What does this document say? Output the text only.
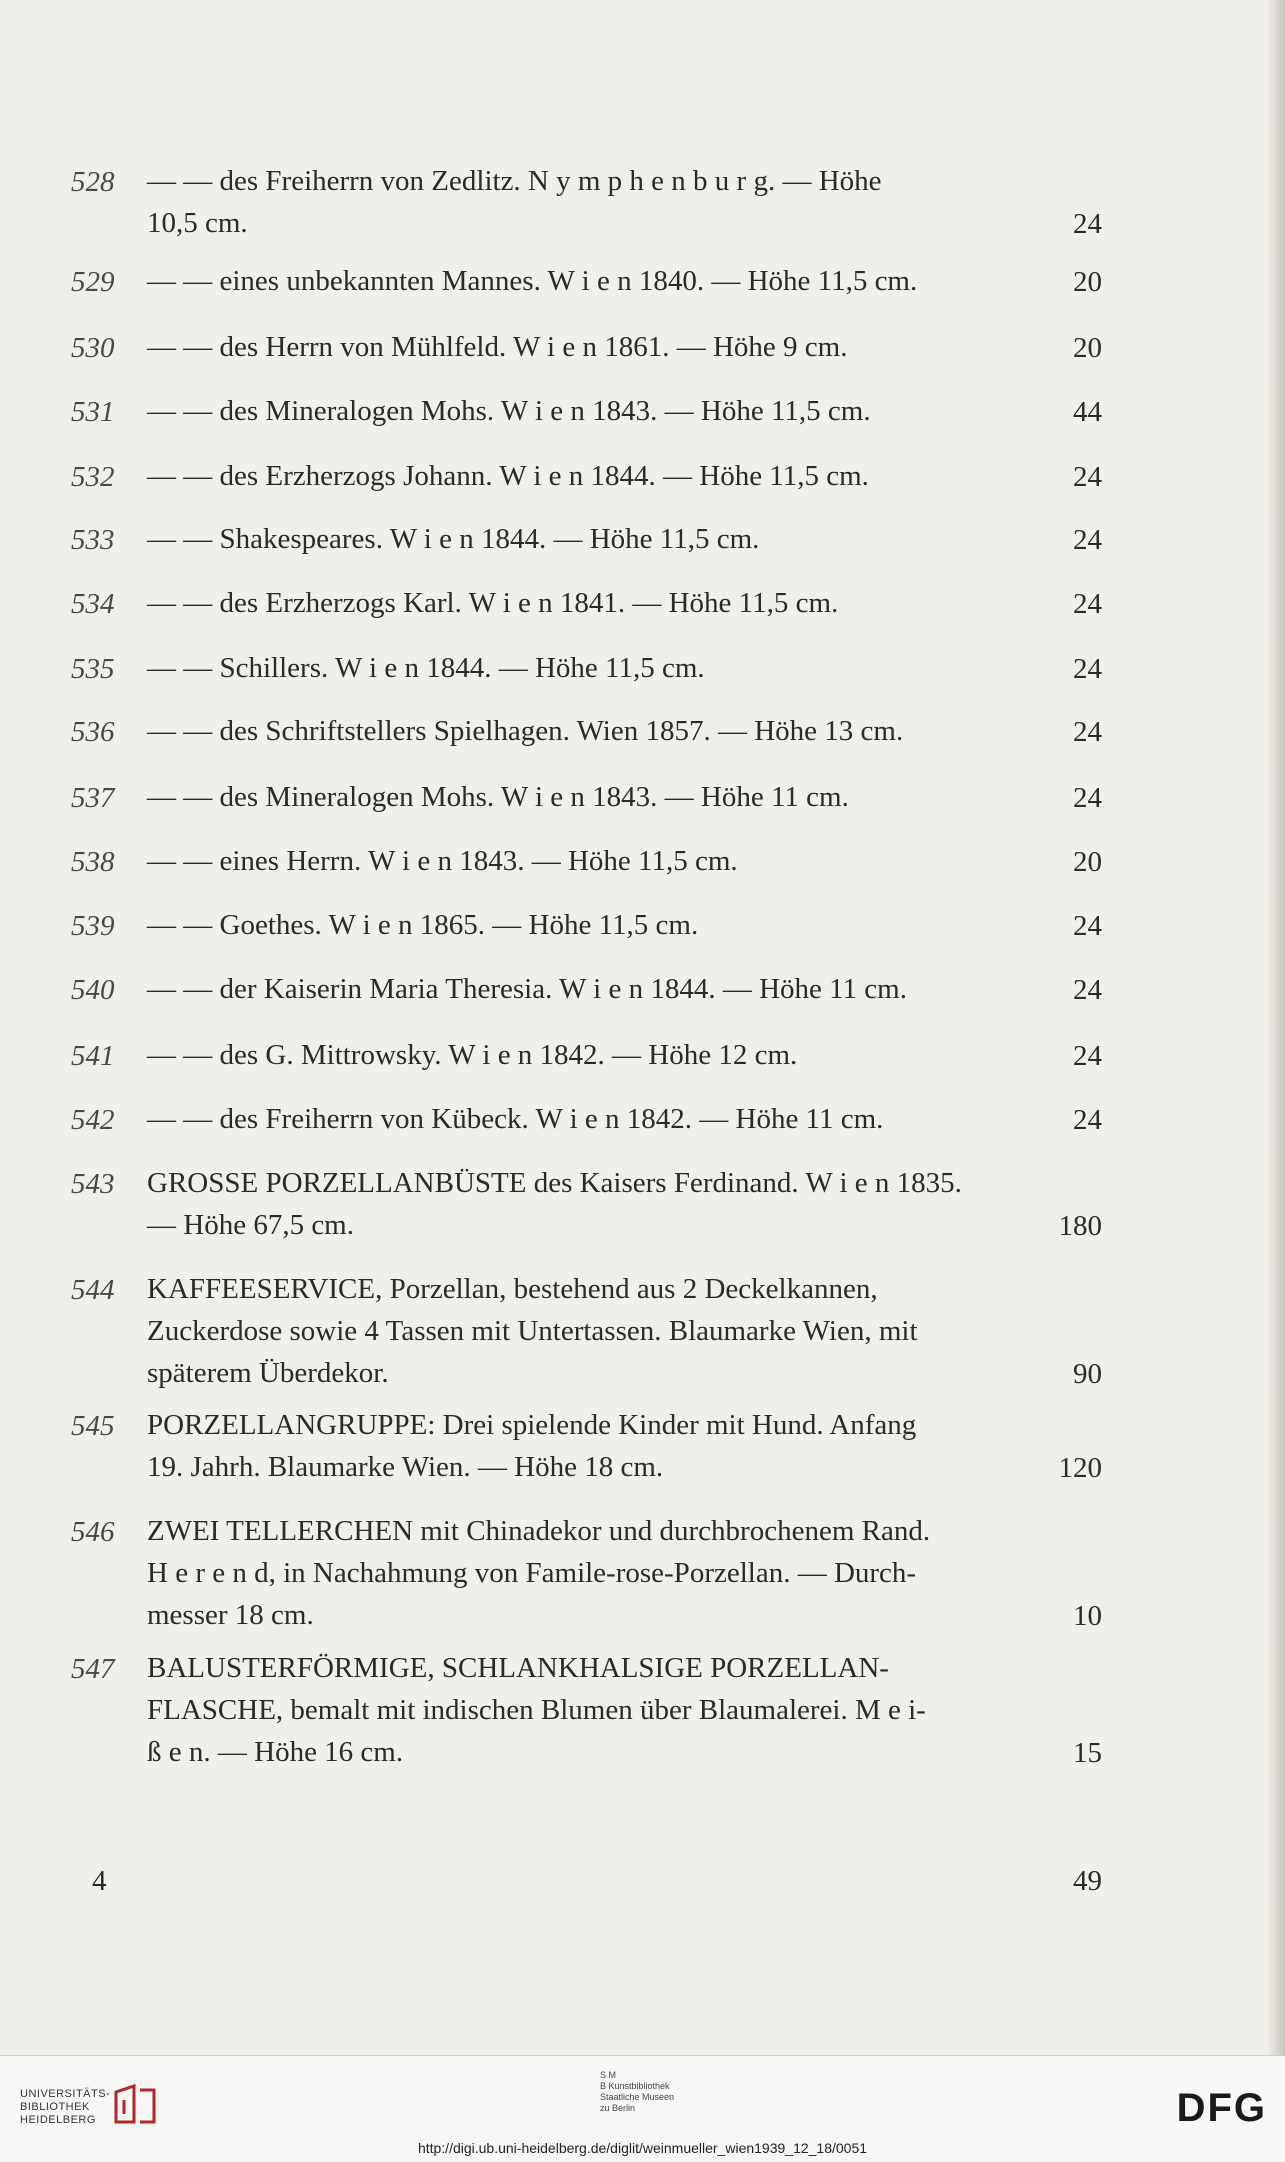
528	— — des Freiherrn von Zedlitz. N y m p h e n b u r g. — Höhe
10,5 cm.	24
529	— — eines unbekannten Mannes. W i e n 1840. — Höhe 11,5 cm.	20
530	— — des Herrn von Mühlfeld. W i e n 1861. — Höhe 9 cm.	20
531	— — des Mineralogen Mohs. W i e n 1843. — Höhe 11,5 cm.	44
532	— — des Erzherzogs Johann. W i e n 1844. — Höhe 11,5 cm.	24
533	— — Shakespeares. W i e n 1844. — Höhe 11,5 cm.	24
534	— — des Erzherzogs Karl. W i e n 1841. — Höhe 11,5 cm.	24
535	— — Schillers. W i e n 1844. — Höhe 11,5 cm.	24
536	— — des Schriftstellers Spielhagen. Wien 1857. — Höhe 13 cm.	24
537	— — des Mineralogen Mohs. W i e n 1843. — Höhe 11 cm.	24
538	— — eines Herrn. W i e n 1843. — Höhe 11,5 cm.	20
539	— — Goethes. W i e n 1865. — Höhe 11,5 cm.	24
540	— — der Kaiserin Maria Theresia. W i e n 1844. — Höhe 11 cm.	24
541	— — des G. Mittrowsky. W i e n 1842. — Höhe 12 cm.	24
542	— — des Freiherrn von Kübeck. W i e n 1842. — Höhe 11 cm.	24
543	GROSSE PORZELLANBÜSTE des Kaisers Ferdinand. W i e n 1835.
— Höhe 67,5 cm.	180
544	KAFFEESERVICE, Porzellan, bestehend aus 2 Deckelkannen,
Zuckerdose sowie 4 Tassen mit Untertassen. Blaumarke Wien, mit
späterem Überdekor.	90
545	PORZELLANGRUPPE: Drei spielende Kinder mit Hund. Anfang
19. Jahrh. Blaumarke Wien. — Höhe 18 cm.	120
546	ZWEI TELLERCHEN mit Chinadekor und durchbrochenem Rand.
H e r e n d, in Nachahmung von Famile-rose-Porzellan. — Durch-
messer 18 cm.	10
547	BALUSTERFÖRMIGE, SCHLANKHALSIGE PORZELLAN-
FLASCHE, bemalt mit indischen Blumen über Blaumalerei. M e i-
ß e n. — Höhe 16 cm.	15
4	49
UNIVERSITÄTS-
BIBLIOTHEK
HEIDELBERG
S M
B Kunstbibliothek
Staatliche Museen
zu Berlin	DFG
http://digi.ub.uni-heidelberg.de/diglit/weinmueller_wien1939_12_18/0051
